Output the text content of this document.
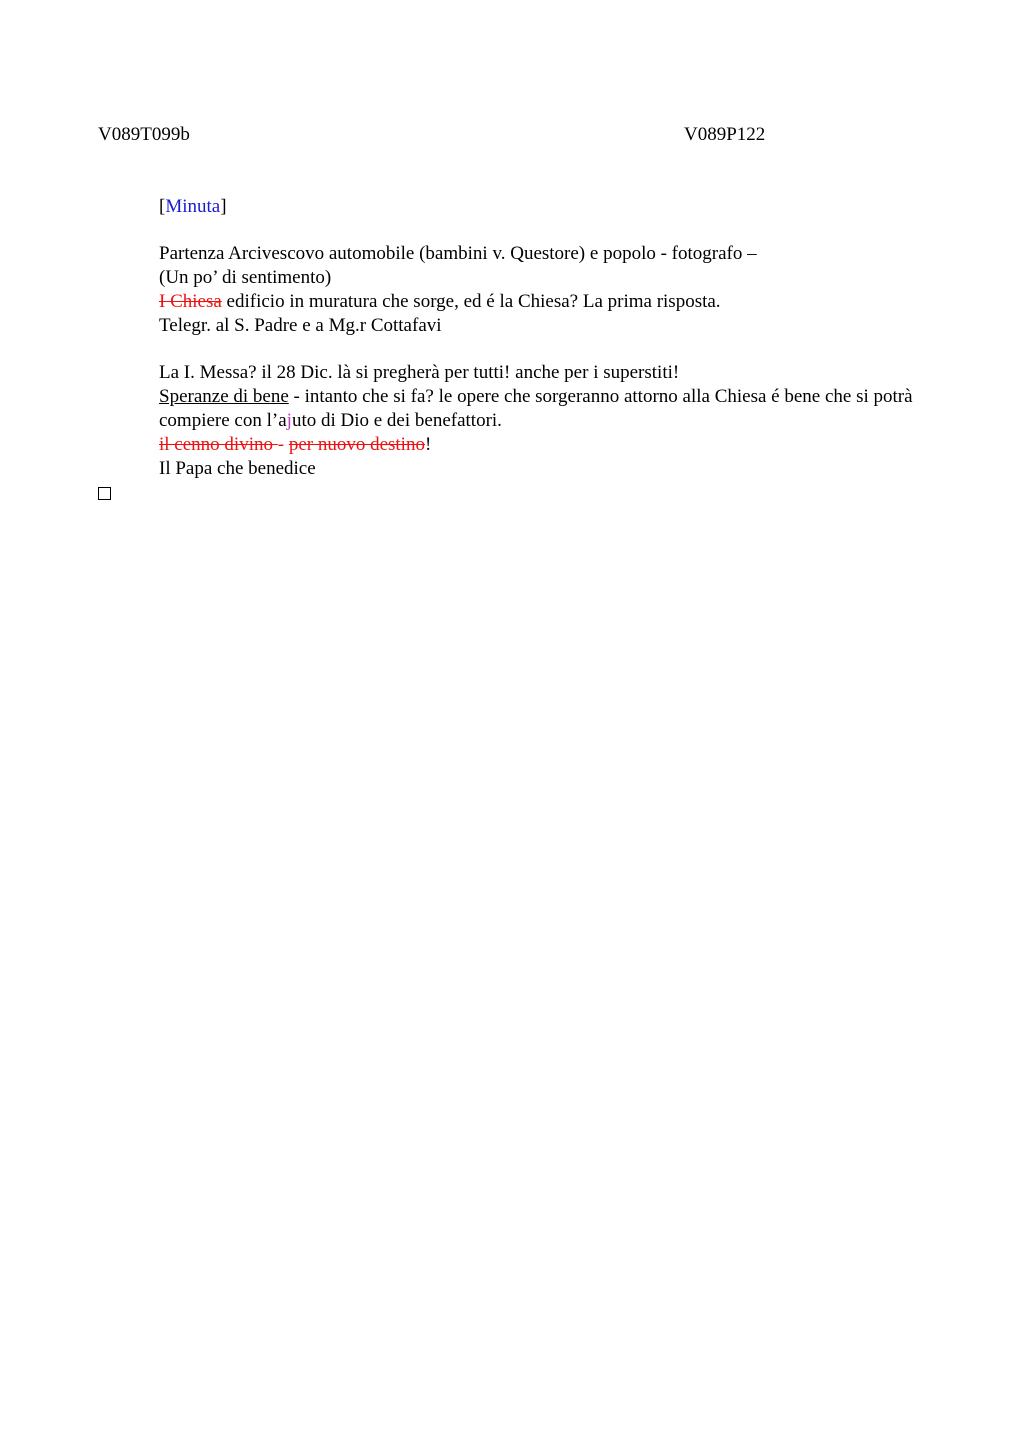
V089T099b	V089P122
[Minuta]
Partenza Arcivescovo automobile (bambini v. Questore) e popolo - fotografo –
(Un po’ di sentimento)
I Chiesa edificio in muratura che sorge, ed é la Chiesa? La prima risposta.
Telegr. al S. Padre e a Mg.r Cottafavi
La I. Messa? il 28 Dic. là si pregherà per tutti! anche per i superstiti!
Speranze di bene - intanto che si fa? le opere che sorgeranno attorno alla Chiesa é bene che si potrà compiere con l’ajuto di Dio e dei benefattori.
il cenno divino - per nuovo destino!
Il Papa che benedice
